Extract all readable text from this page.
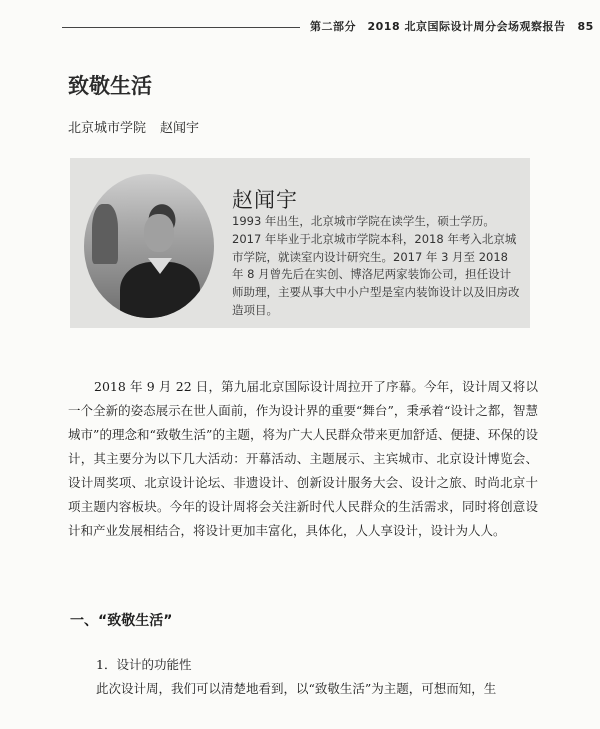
第二部分　2018 北京国际设计周分会场观察报告 85
致敬生活
北京城市学院 赵闻宇
赵闻宇

1993 年出生，北京城市学院在读学生，硕士学历。2017 年毕业于北京城市学院本科，2018 年考入北京城市学院，就读室内设计研究生。2017 年 3 月至 2018 年 8 月曾先后在实创、博洛尼两家装饰公司，担任设计师助理，主要从事大中小户型是室内装饰设计以及旧房改造项目。

2018 年 9 月 22 日，第九届北京国际设计周拉开了序幕。今年，设计周又将以一个全新的姿态展示在世人面前，作为设计界的重要“舞台”，秉承着“设计之都，智慧城市”的理念和“致敬生活”的主题，将为广大人民群众带来更加舒适、便捷、环保的设计，其主要分为以下几大活动：开幕活动、主题展示、主宾城市、北京设计博览会、设计周奖项、北京设计论坛、非遗设计、创新设计服务大会、设计之旅、时尚北京十项主题内容板块。今年的设计周将会关注新时代人民群众的生活需求，同时将创意设计和产业发展相结合，将设计更加丰富化，具体化，人人享设计，设计为人人。

一、“致敬生活”
1．设计的功能性

此次设计周，我们可以清楚地看到，以“致敬生活”为主题，可想而知，生
